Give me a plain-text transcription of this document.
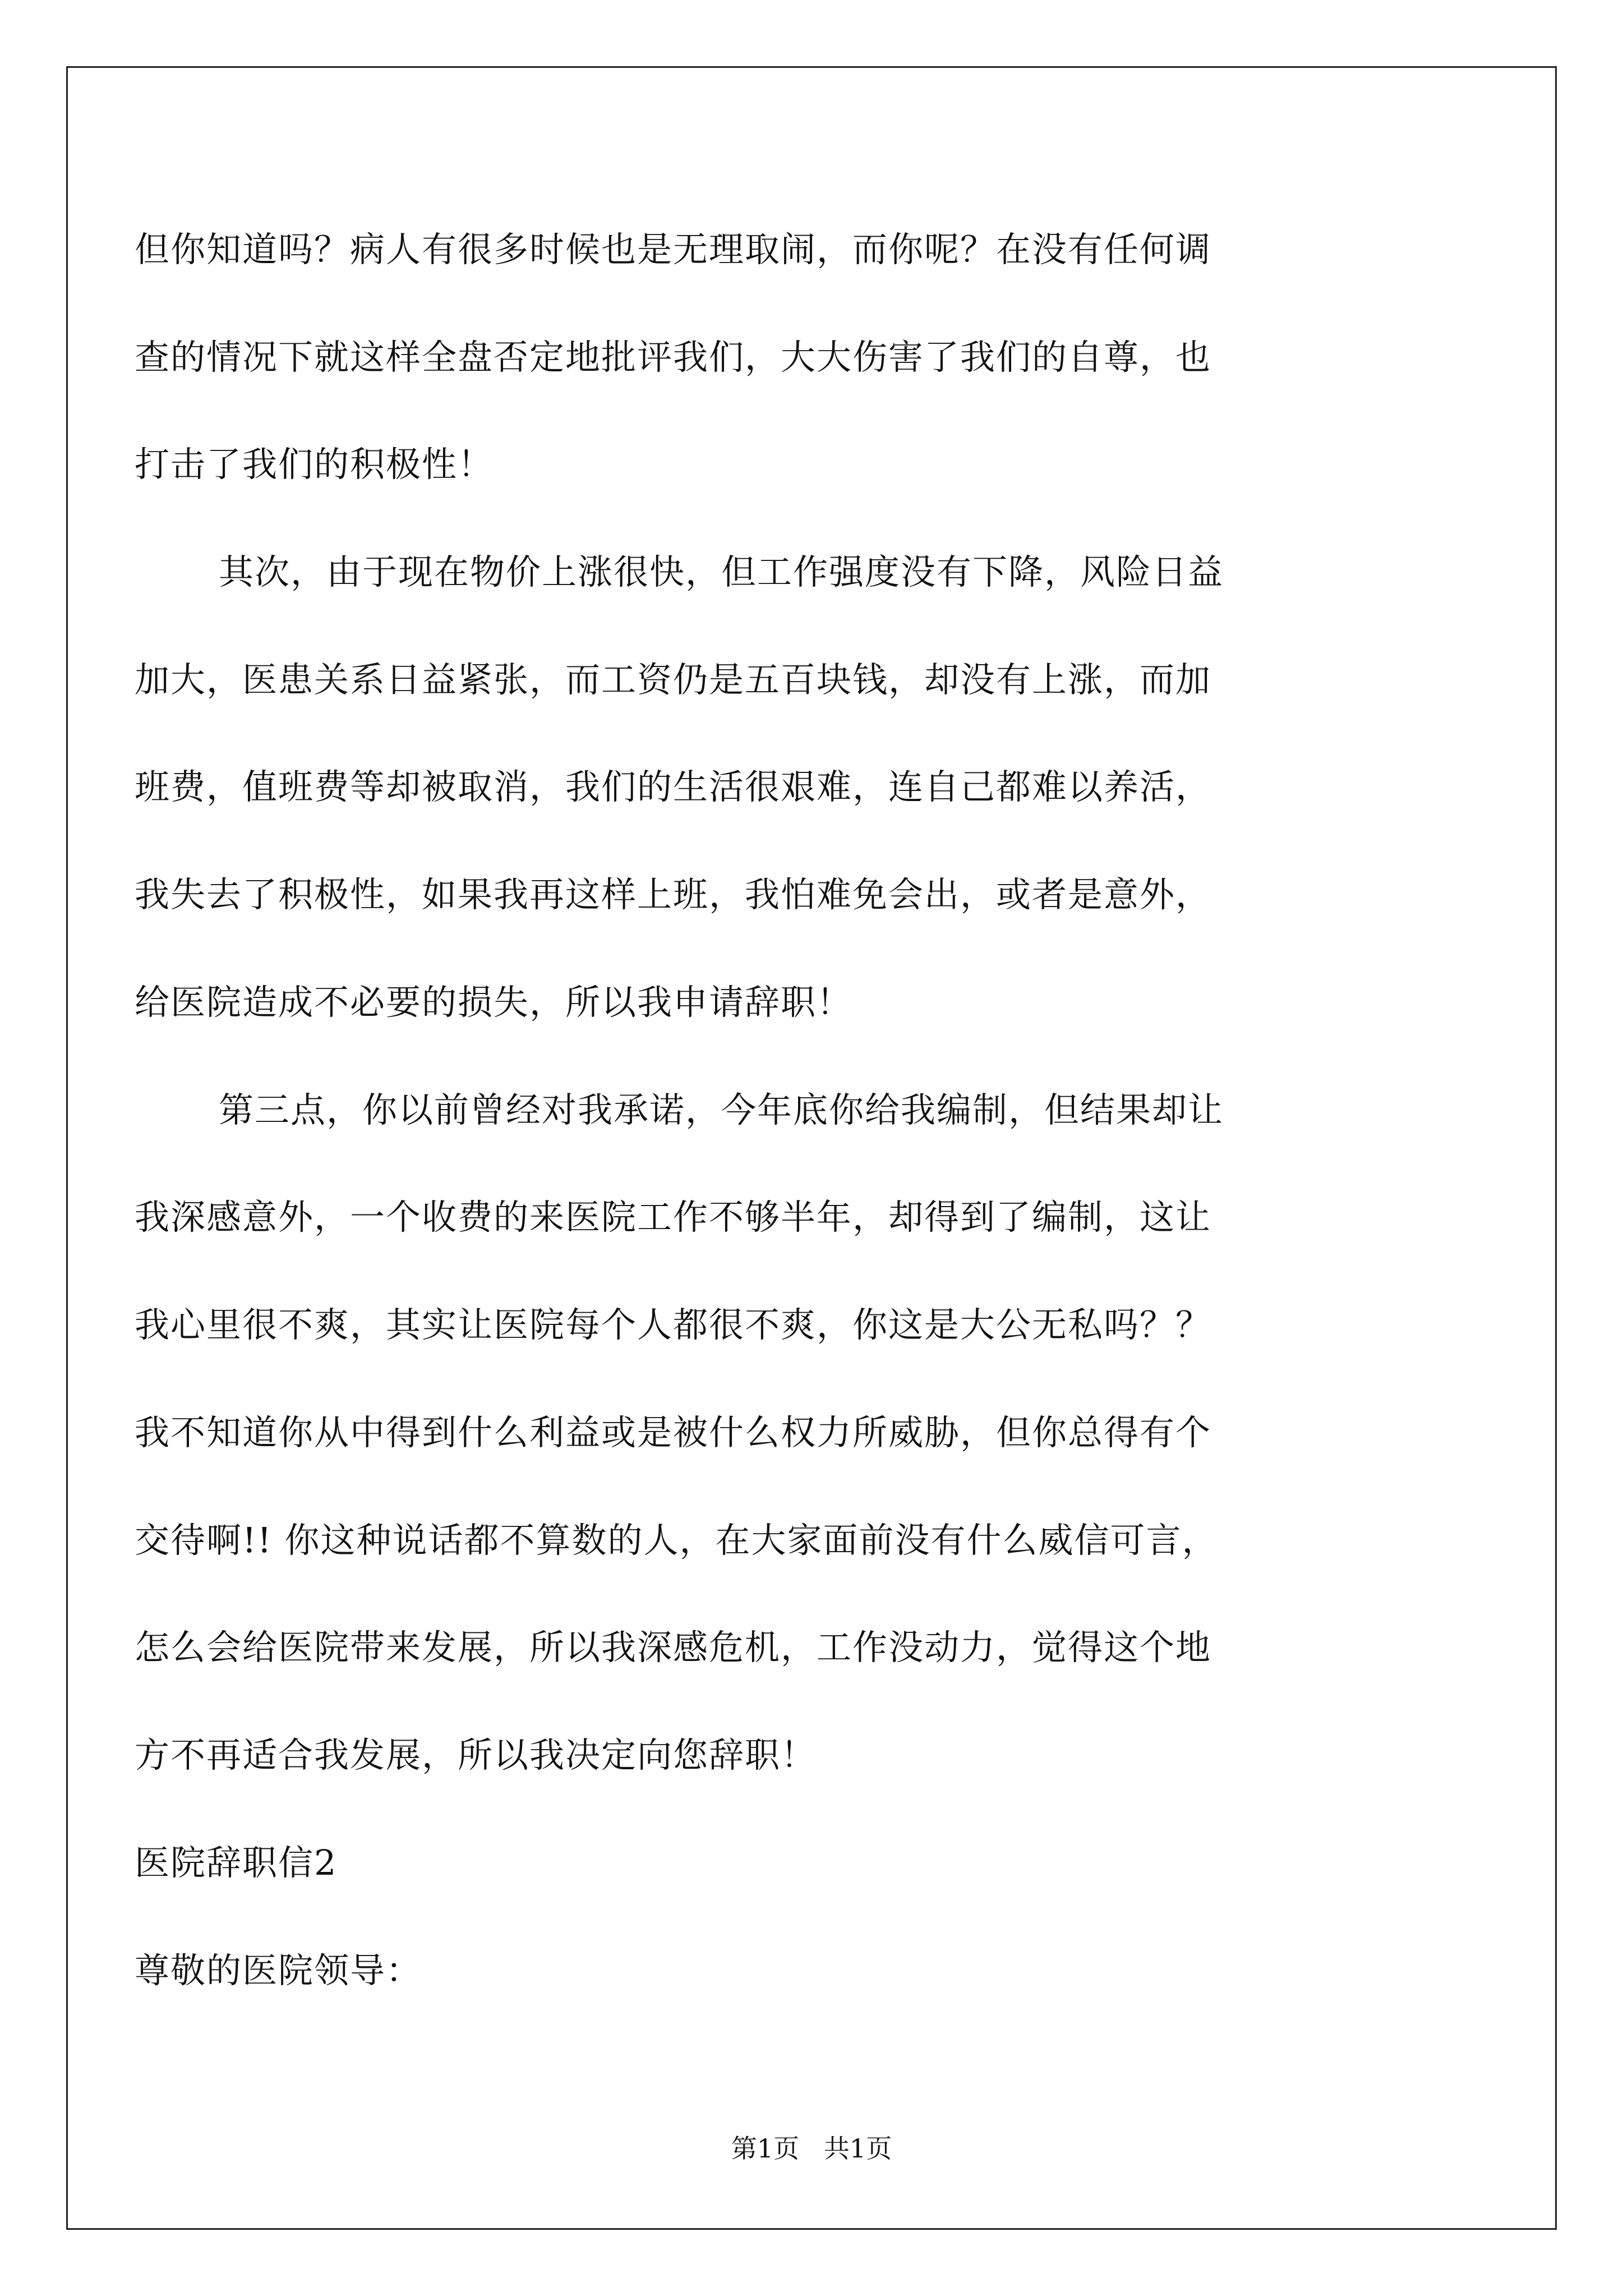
但你知道吗？病人有很多时候也是无理取闹，而你呢？在没有任何调
查的情况下就这样全盘否定地批评我们，大大伤害了我们的自尊，也
打击了我们的积极性！
其次，由于现在物价上涨很快，但工作强度没有下降，风险日益
加大，医患关系日益紧张，而工资仍是五百块钱，却没有上涨，而加
班费，值班费等却被取消，我们的生活很艰难，连自己都难以养活，
我失去了积极性，如果我再这样上班，我怕难免会出，或者是意外，
给医院造成不必要的损失，所以我申请辞职！
第三点，你以前曾经对我承诺，今年底你给我编制，但结果却让
我深感意外，一个收费的来医院工作不够半年，却得到了编制，这让
我心里很不爽，其实让医院每个人都很不爽，你这是大公无私吗？？
我不知道你从中得到什么利益或是被什么权力所威胁，但你总得有个
交待啊!! 你这种说话都不算数的人，在大家面前没有什么威信可言，
怎么会给医院带来发展，所以我深感危机，工作没动力，觉得这个地
方不再适合我发展，所以我决定向您辞职！
医院辞职信2
尊敬的医院领导：
第1页   共1页
